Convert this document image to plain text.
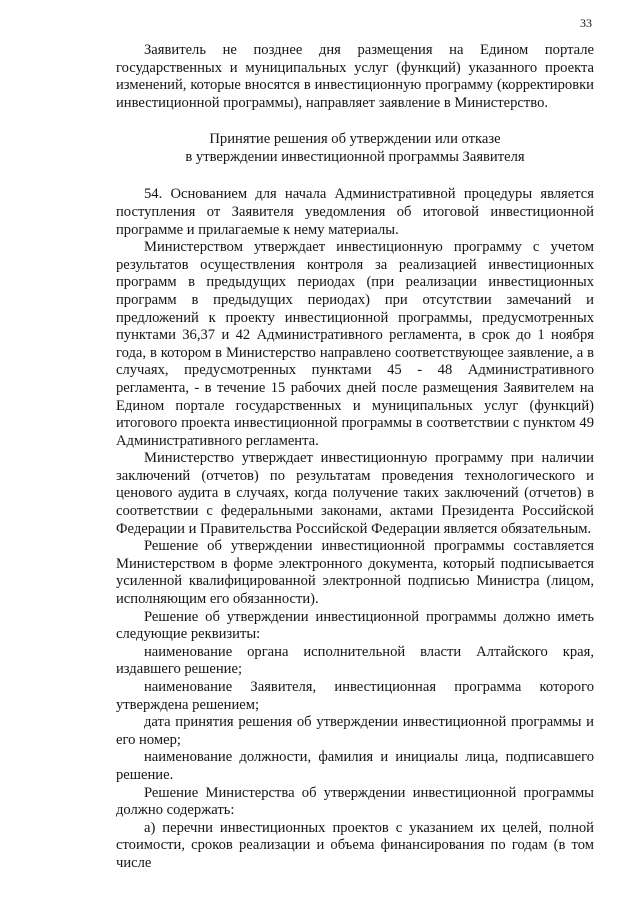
33

Заявитель не позднее дня размещения на Едином портале государственных и муниципальных услуг (функций) указанного проекта изменений, которые вносятся в инвестиционную программу (корректировки инвестиционной программы), направляет заявление в Министерство.

Принятие решения об утверждении или отказе
в утверждении инвестиционной программы Заявителя

54. Основанием для начала Административной процедуры является поступления от Заявителя уведомления об итоговой инвестиционной программе и прилагаемые к нему материалы.

Министерством утверждает инвестиционную программу с учетом результатов осуществления контроля за реализацией инвестиционных программ в предыдущих периодах (при реализации инвестиционных программ в предыдущих периодах) при отсутствии замечаний и предложений к проекту инвестиционной программы, предусмотренных пунктами 36,37 и 42 Административного регламента, в срок до 1 ноября года, в котором в Министерство направлено соответствующее заявление, а в случаях, предусмотренных пунктами 45 - 48 Административного регламента, - в течение 15 рабочих дней после размещения Заявителем на Едином портале государственных и муниципальных услуг (функций) итогового проекта инвестиционной программы в соответствии с пунктом 49 Административного регламента.

Министерство утверждает инвестиционную программу при наличии заключений (отчетов) по результатам проведения технологического и ценового аудита в случаях, когда получение таких заключений (отчетов) в соответствии с федеральными законами, актами Президента Российской Федерации и Правительства Российской Федерации является обязательным.

Решение об утверждении инвестиционной программы составляется Министерством в форме электронного документа, который подписывается усиленной квалифицированной электронной подписью Министра (лицом, исполняющим его обязанности).

Решение об утверждении инвестиционной программы должно иметь следующие реквизиты:

наименование органа исполнительной власти Алтайского края, издавшего решение;

наименование Заявителя, инвестиционная программа которого утверждена решением;

дата принятия решения об утверждении инвестиционной программы и его номер;

наименование должности, фамилия и инициалы лица, подписавшего решение.

Решение Министерства об утверждении инвестиционной программы должно содержать:

а) перечни инвестиционных проектов с указанием их целей, полной стоимости, сроков реализации и объема финансирования по годам (в том числе
